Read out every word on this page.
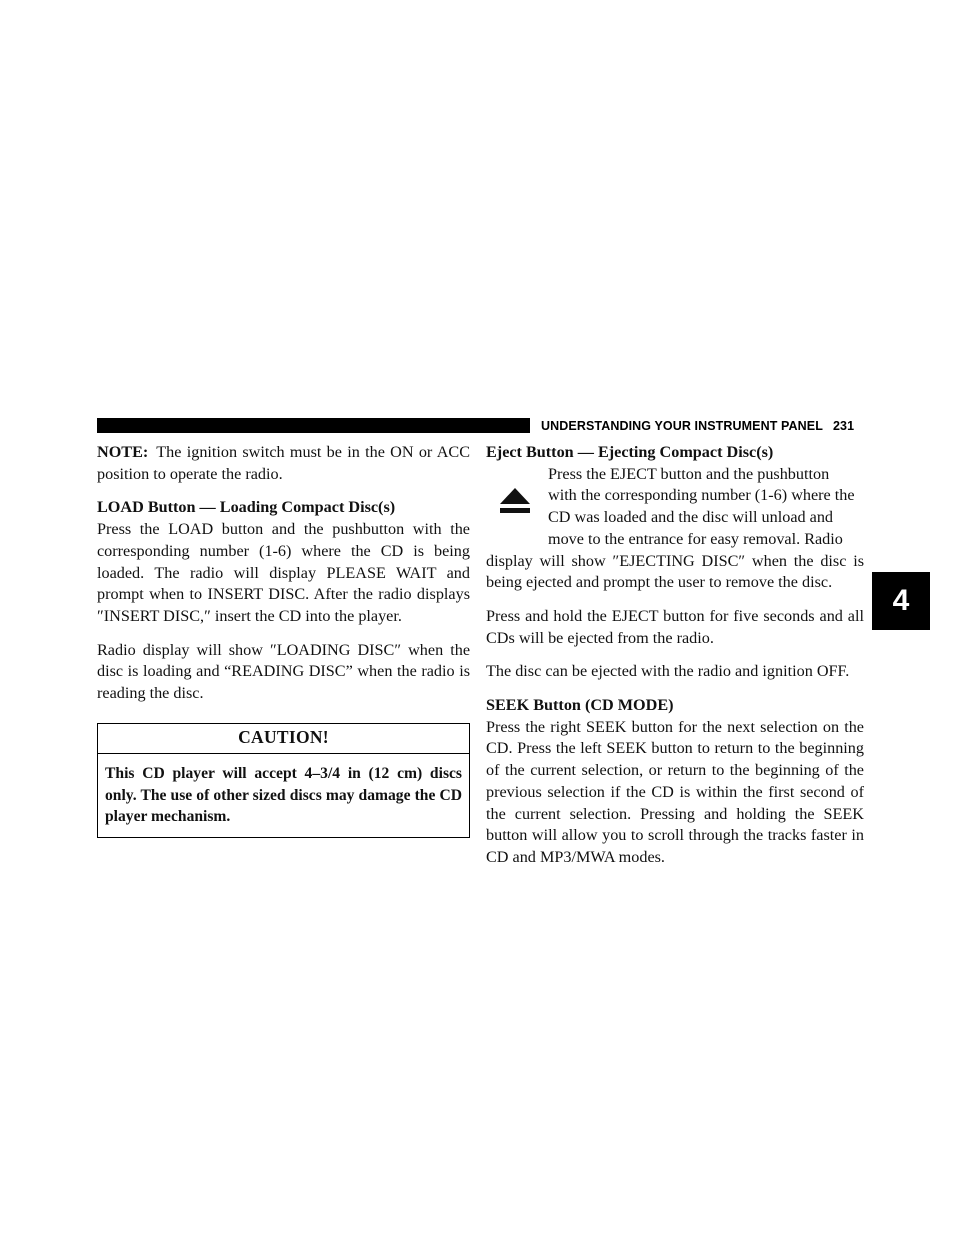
UNDERSTANDING YOUR INSTRUMENT PANEL 231

NOTE: The ignition switch must be in the ON or ACC position to operate the radio.

LOAD Button — Loading Compact Disc(s)

Press the LOAD button and the pushbutton with the corresponding number (1-6) where the CD is being loaded. The radio will display PLEASE WAIT and prompt when to INSERT DISC. After the radio displays ″INSERT DISC,″ insert the CD into the player.

Radio display will show ″LOADING DISC″ when the disc is loading and “READING DISC” when the radio is reading the disc.

CAUTION!
This CD player will accept 4–3/4 in (12 cm) discs only. The use of other sized discs may damage the CD player mechanism.
Eject Button — Ejecting Compact Disc(s)

Press the EJECT button and the pushbutton
with the corresponding number (1-6) where the
CD was loaded and the disc will unload and
move to the entrance for easy removal. Radio

display will show ″EJECTING DISC″ when the disc is being ejected and prompt the user to remove the disc.

Press and hold the EJECT button for five seconds and all CDs will be ejected from the radio.

The disc can be ejected with the radio and ignition OFF.

SEEK Button (CD MODE)

Press the right SEEK button for the next selection on the CD. Press the left SEEK button to return to the beginning of the current selection, or return to the beginning of the previous selection if the CD is within the first second of the current selection. Pressing and holding the SEEK button will allow you to scroll through the tracks faster in CD and MP3/MWA modes.

4
